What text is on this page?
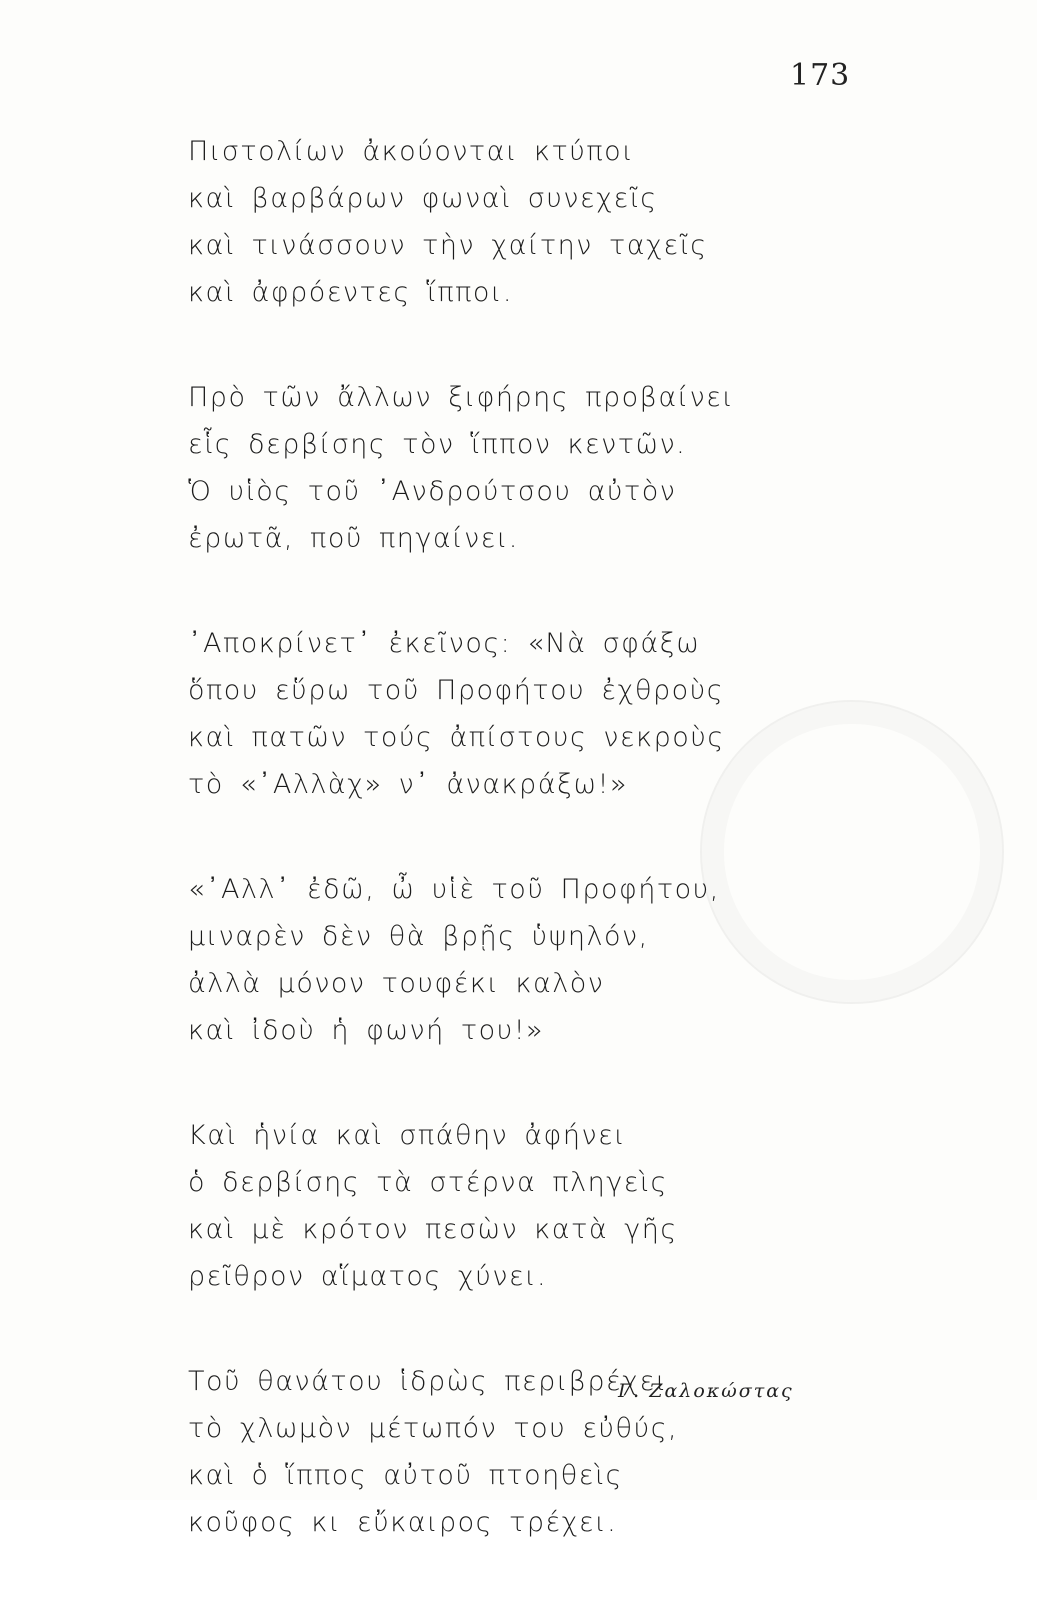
173
Πιστολίων ἀκούονται κτύποι
καὶ βαρβάρων φωναὶ συνεχεῖς
καὶ τινάσσουν τὴν χαίτην ταχεῖς
καὶ ἀφρόεντες ἵπποι.
Πρὸ τῶν ἄλλων ξιφήρης προβαίνει
εἷς δερβίσης τὸν ἵππον κεντῶν.
Ὁ υἱὸς τοῦ ᾿Ανδρούτσου αὐτὸν
ἐρωτᾶ, ποῦ πηγαίνει.
᾿Αποκρίνετ᾿ ἐκεῖνος: «Νὰ σφάξω
ὅπου εὕρω τοῦ Προφήτου ἐχθροὺς
καὶ πατῶν τούς ἀπίστους νεκροὺς
τὸ «᾿Αλλὰχ» ν᾿ ἀνακράξω!»
«᾿Αλλ᾿ ἐδῶ, ὦ υἱὲ τοῦ Προφήτου,
μιναρὲν δὲν θὰ βρῇς ὑψηλόν,
ἀλλὰ μόνον τουφέκι καλὸν
καὶ ἰδοὺ ἡ φωνή του!»
Καὶ ἡνία καὶ σπάθην ἀφήνει
ὁ δερβίσης τὰ στέρνα πληγεὶς
καὶ μὲ κρότον πεσὼν κατὰ γῆς
ρεῖθρον αἵματος χύνει.
Τοῦ θανάτου ἱδρὼς περιβρέχει
τὸ χλωμὸν μέτωπόν του εὐθύς,
καὶ ὁ ἵππος αὐτοῦ πτοηθεὶς
κοῦφος κι εὔκαιρος τρέχει.
Γ. Ζαλοκώστας
